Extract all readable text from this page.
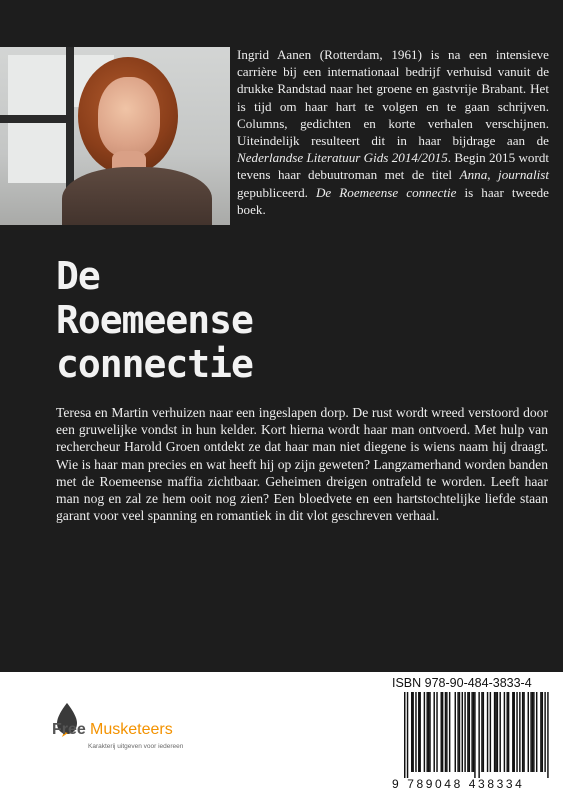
Ingrid Aanen (Rotterdam, 1961) is na een intensieve carrière bij een internationaal bedrijf verhuisd vanuit de drukke Randstad naar het groene en gastvrije Brabant. Het is tijd om haar hart te volgen en te gaan schrijven. Columns, gedichten en korte verhalen verschijnen. Uiteindelijk resulteert dit in haar bijdrage aan de Nederlandse Literatuur Gids 2014/2015. Begin 2015 wordt tevens haar debuutroman met de titel Anna, journalist gepubliceerd. De Roemeense connectie is haar tweede boek.
De
Roemeense
connectie
Teresa en Martin verhuizen naar een ingeslapen dorp. De rust wordt wreed verstoord door een gruwelijke vondst in hun kelder. Kort hierna wordt haar man ontvoerd. Met hulp van rechercheur Harold Groen ontdekt ze dat haar man niet diegene is wiens naam hij draagt. Wie is haar man precies en wat heeft hij op zijn geweten? Langzamerhand worden banden met de Roemeense maffia zichtbaar. Geheimen dreigen ontrafeld te worden. Leeft haar man nog en zal ze hem ooit nog zien? Een bloedvete en een hartstochtelijke liefde staan garant voor veel spanning en romantiek in dit vlot geschreven verhaal.
Free Musketeers
Karakterij uitgeven voor iedereen
ISBN 978-90-484-3833-4
9 789048 438334
